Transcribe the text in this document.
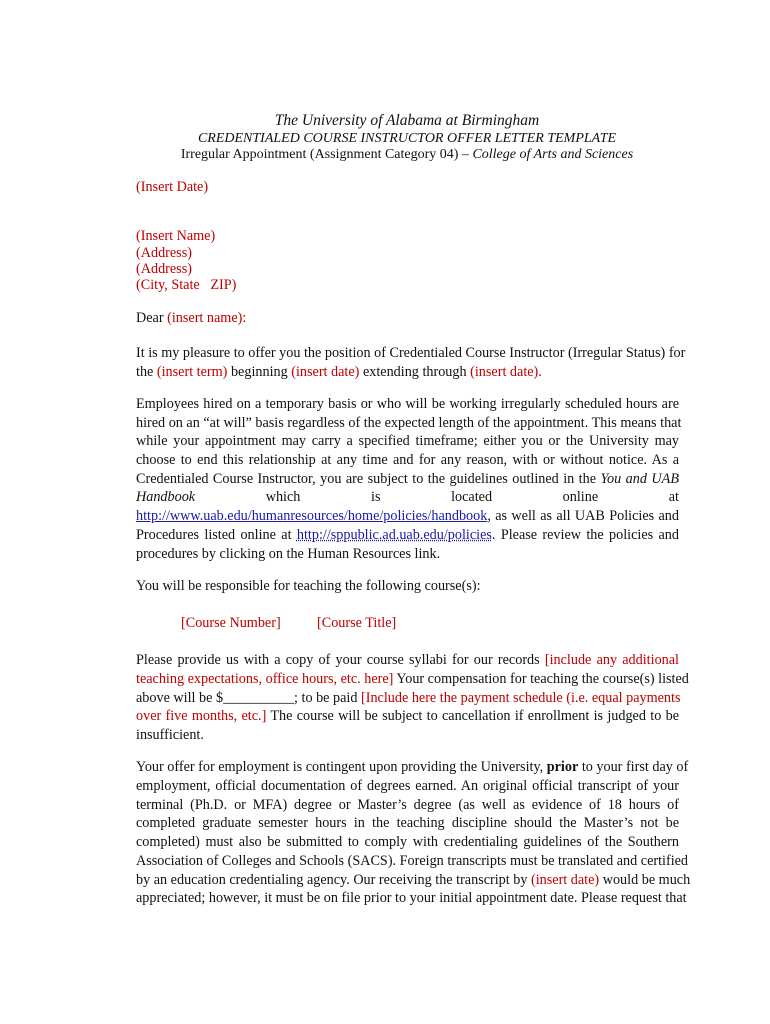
The University of Alabama at Birmingham

CREDENTIALED COURSE INSTRUCTOR OFFER LETTER TEMPLATE

Irregular Appointment (Assignment Category 04) – College of Arts and Sciences

(Insert Date)

(Insert Name)

(Address)

(Address)

(City, State   ZIP)

Dear (insert name):

It is my pleasure to offer you the position of Credentialed Course Instructor (Irregular Status) for

the (insert term) beginning (insert date) extending through (insert date).

Employees hired on a temporary basis or who will be working irregularly scheduled hours are

hired on an “at will” basis regardless of the expected length of the appointment. This means that

while your appointment may carry a specified timeframe; either you or the University may

choose to end this relationship at any time and for any reason, with or without notice. As a

Credentialed Course Instructor, you are subject to the guidelines outlined in the You and UAB

Handbook	which	is	located	online	at

http://www.uab.edu/humanresources/home/policies/handbook, as well as all UAB Policies and

Procedures listed online at http://sppublic.ad.uab.edu/policies. Please review the policies and

procedures by clicking on the Human Resources link.

You will be responsible for teaching the following course(s):

[Course Number]	[Course Title]

Please provide us with a copy of your course syllabi for our records [include any additional

teaching expectations, office hours, etc. here] Your compensation for teaching the course(s) listed

above will be $__________; to be paid [Include here the payment schedule (i.e. equal payments

over five months, etc.] The course will be subject to cancellation if enrollment is judged to be

insufficient.

Your offer for employment is contingent upon providing the University, prior to your first day of

employment, official documentation of degrees earned. An original official transcript of your

terminal (Ph.D. or MFA) degree or Master’s degree (as well as evidence of 18 hours of

completed graduate semester hours in the teaching discipline should the Master’s not be

completed) must also be submitted to comply with credentialing guidelines of the Southern

Association of Colleges and Schools (SACS). Foreign transcripts must be translated and certified

by an education credentialing agency. Our receiving the transcript by (insert date) would be much

appreciated; however, it must be on file prior to your initial appointment date. Please request that
